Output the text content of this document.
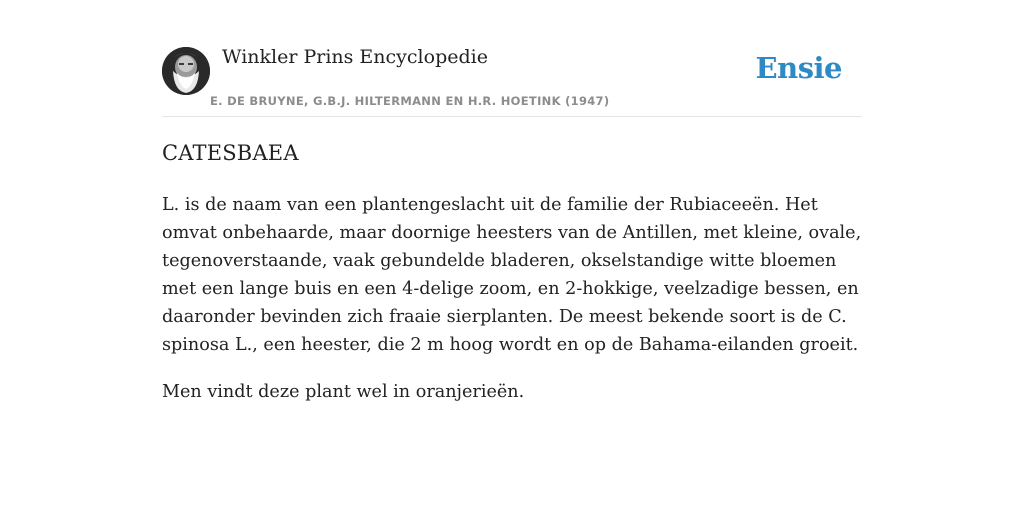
Winkler Prins Encyclopedie
E. DE BRUYNE, G.B.J. HILTERMANN EN H.R. HOETINK (1947)
Ensie
CATESBAEA

L. is de naam van een plantengeslacht uit de familie der Rubiaceeën. Het omvat onbehaarde, maar doornige heesters van de Antillen, met kleine, ovale, tegenoverstaande, vaak gebundelde bladeren, okselstandige witte bloemen met een lange buis en een 4-delige zoom, en 2-hokkige, veelzadige bessen, en daaronder bevinden zich fraaie sierplanten. De meest bekende soort is de C. spinosa L., een heester, die 2 m hoog wordt en op de Bahama-eilanden groeit.

Men vindt deze plant wel in oranjerieën.
